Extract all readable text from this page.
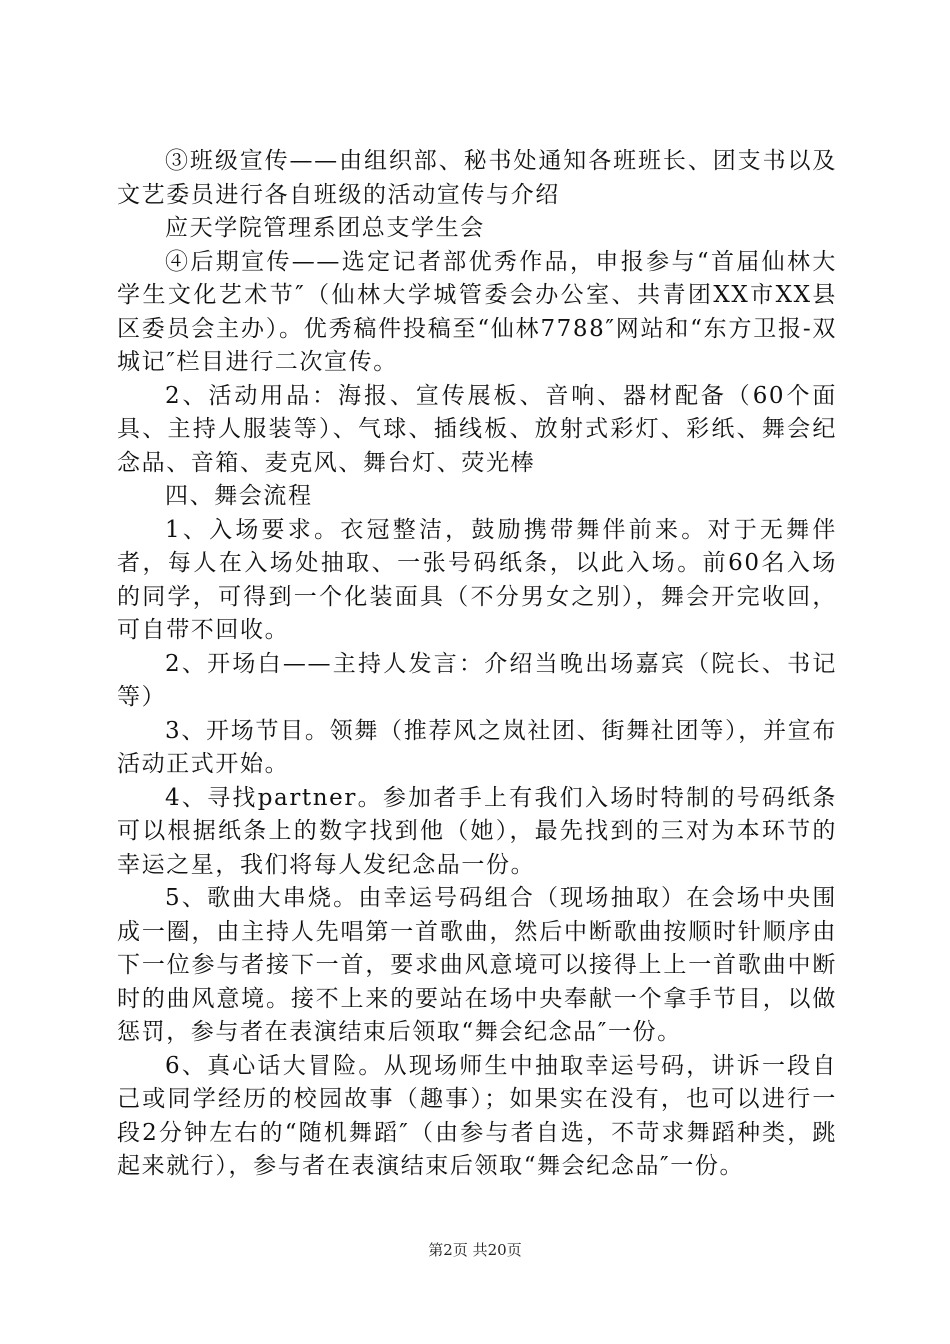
③班级宣传——由组织部、秘书处通知各班班长、团支书以及文艺委员进行各自班级的活动宣传与介绍

应天学院管理系团总支学生会

④后期宣传——选定记者部优秀作品，申报参与“首届仙林大学生文化艺术节″（仙林大学城管委会办公室、共青团XX市XX县区委员会主办）。优秀稿件投稿至“仙林7788″网站和“东方卫报-双城记″栏目进行二次宣传。

2、活动用品：海报、宣传展板、音响、器材配备（60个面具、主持人服装等）、气球、插线板、放射式彩灯、彩纸、舞会纪念品、音箱、麦克风、舞台灯、荧光棒

四、舞会流程

1、入场要求。衣冠整洁，鼓励携带舞伴前来。对于无舞伴者，每人在入场处抽取、一张号码纸条，以此入场。前60名入场的同学，可得到一个化装面具（不分男女之别），舞会开完收回，可自带不回收。

2、开场白——主持人发言：介绍当晚出场嘉宾（院长、书记等）

3、开场节目。领舞（推荐风之岚社团、街舞社团等），并宣布活动正式开始。

4、寻找partner。参加者手上有我们入场时特制的号码纸条可以根据纸条上的数字找到他（她），最先找到的三对为本环节的幸运之星，我们将每人发纪念品一份。

5、歌曲大串烧。由幸运号码组合（现场抽取）在会场中央围成一圈，由主持人先唱第一首歌曲，然后中断歌曲按顺时针顺序由下一位参与者接下一首，要求曲风意境可以接得上上一首歌曲中断时的曲风意境。接不上来的要站在场中央奉献一个拿手节目，以做惩罚，参与者在表演结束后领取“舞会纪念品″一份。

6、真心话大冒险。从现场师生中抽取幸运号码，讲诉一段自己或同学经历的校园故事（趣事）；如果实在没有，也可以进行一段2分钟左右的“随机舞蹈″（由参与者自选，不苛求舞蹈种类，跳起来就行），参与者在表演结束后领取“舞会纪念品″一份。

第2页 共20页
